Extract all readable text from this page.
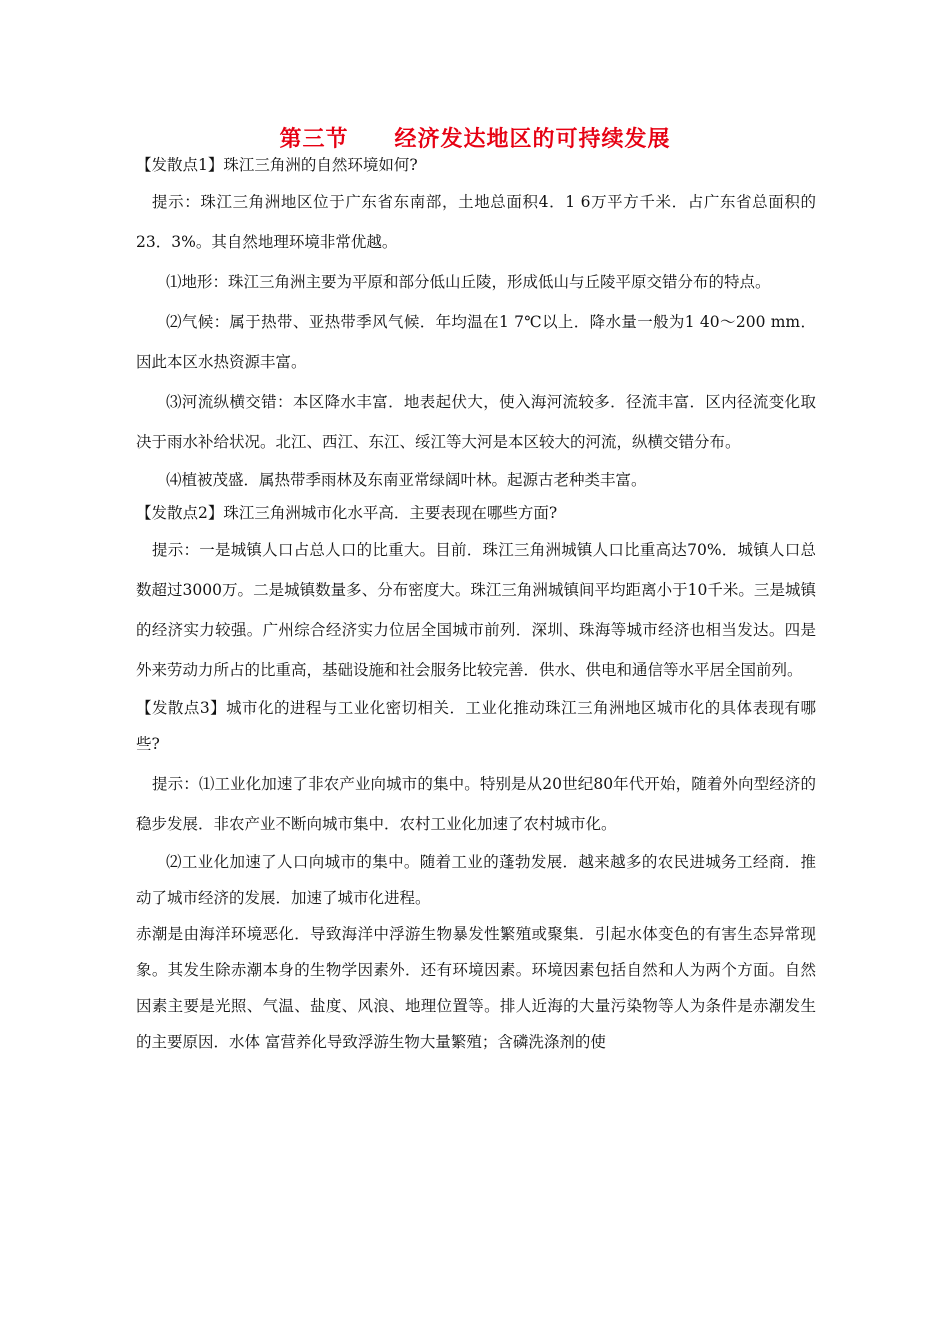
第三节　　经济发达地区的可持续发展

【发散点1】珠江三角洲的自然环境如何?

提示：珠江三角洲地区位于广东省东南部，土地总面积4．1 6万平方千米．占广东省总面积的23．3%。其自然地理环境非常优越。

⑴地形：珠江三角洲主要为平原和部分低山丘陵，形成低山与丘陵平原交错分布的特点。

⑵气候：属于热带、亚热带季风气候．年均温在1 7℃以上．降水量一般为1 40～200 mm．因此本区水热资源丰富。

⑶河流纵横交错：本区降水丰富．地表起伏大，使入海河流较多．径流丰富．区内径流变化取决于雨水补给状况。北江、西江、东江、绥江等大河是本区较大的河流，纵横交错分布。

⑷植被茂盛．属热带季雨林及东南亚常绿阔叶林。起源古老种类丰富。

【发散点2】珠江三角洲城市化水平高．主要表现在哪些方面?

提示：一是城镇人口占总人口的比重大。目前．珠江三角洲城镇人口比重高达70%．城镇人口总数超过3000万。二是城镇数量多、分布密度大。珠江三角洲城镇间平均距离小于10千米。三是城镇的经济实力较强。广州综合经济实力位居全国城市前列．深圳、珠海等城市经济也相当发达。四是外来劳动力所占的比重高，基础设施和社会服务比较完善．供水、供电和通信等水平居全国前列。

【发散点3】城市化的进程与工业化密切相关．工业化推动珠江三角洲地区城市化的具体表现有哪些?

提示：⑴工业化加速了非农产业向城市的集中。特别是从20世纪80年代开始，随着外向型经济的稳步发展．非农产业不断向城市集中．农村工业化加速了农村城市化。

⑵工业化加速了人口向城市的集中。随着工业的蓬勃发展．越来越多的农民进城务工经商．推动了城市经济的发展．加速了城市化进程。

赤潮是由海洋环境恶化．导致海洋中浮游生物暴发性繁殖或聚集．引起水体变色的有害生态异常现象。其发生除赤潮本身的生物学因素外．还有环境因素。环境因素包括自然和人为两个方面。自然因素主要是光照、气温、盐度、风浪、地理位置等。排人近海的大量污染物等人为条件是赤潮发生的主要原因．水体 富营养化导致浮游生物大量繁殖；含磷洗涤剂的使
